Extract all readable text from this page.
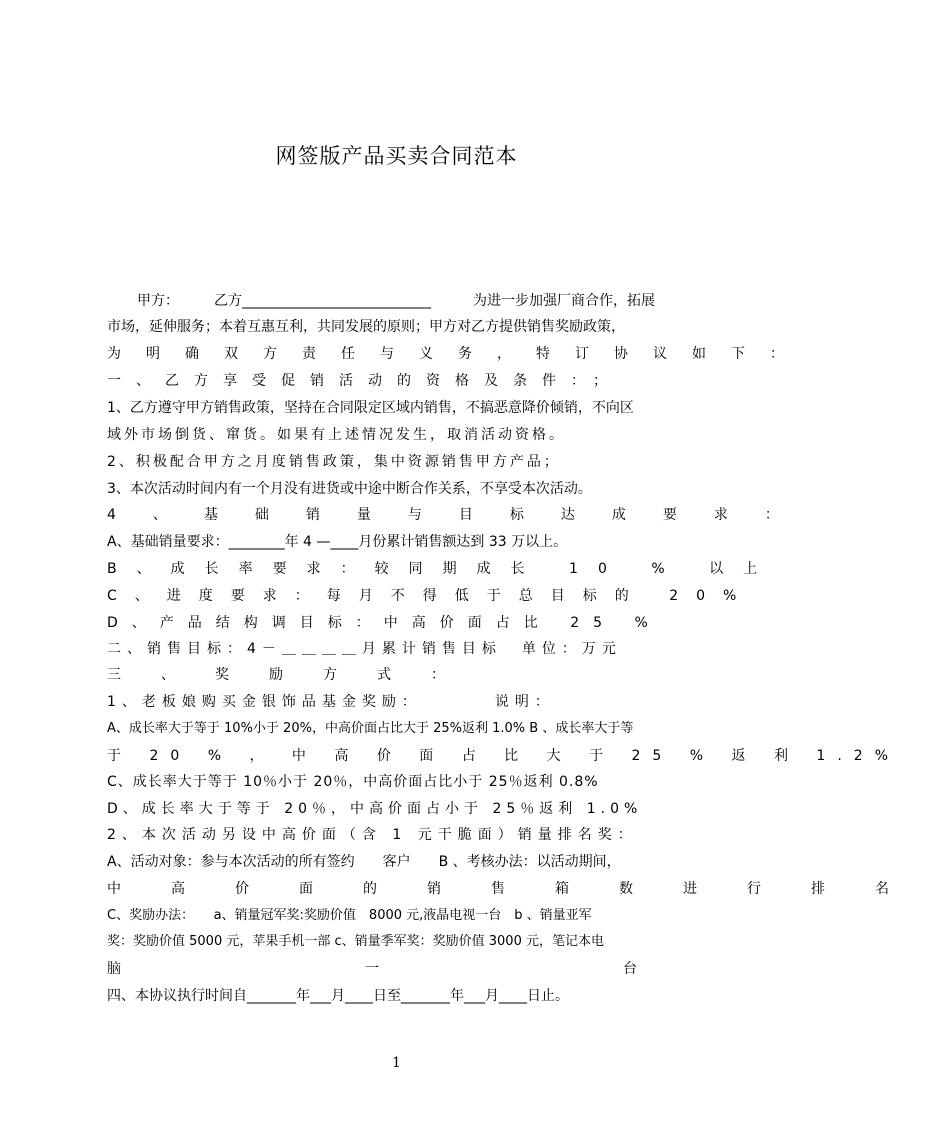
网签版产品买卖合同范本
甲方：　　　乙方___________________________　　　为进一步加强厂商合作，拓展
市场，延伸服务；本着互惠互利，共同发展的原则；甲方对乙方提供销售奖励政策，
为明确双方责任与义务，特订协议如下：
一、乙方享受促销活动的资格及条件：；
1、乙方遵守甲方销售政策，坚持在合同限定区域内销售，不搞恶意降价倾销，不向区
域外市场倒货、窜货。如果有上述情况发生，取消活动资格。
2、积极配合甲方之月度销售政策，集中资源销售甲方产品；
3、本次活动时间内有一个月没有进货或中途中断合作关系，不享受本次活动。
4、基础销量与目标达成要求：
A、基础销量要求：________年 4 —____月份累计销售额达到 33 万以上。
B、成长率要求：较同期成长 10 % 以上
C、进度要求：每月不得低于总目标的 20%
D、产品结构调目标：中高价面占比 25 %
二、销售目标：4－＿＿＿＿月累计销售目标　单位：万元
三、奖励方式：
1、老板娘购买金银饰品基金奖励：　　　　说明：
A、成长率大于等于 10%小于 20%，中高价面占比大于 25%返利 1.0% B 、成长率大于等
于 20 % ， 中 高 价 面 占 比 大 于 25 % 返 利 1.2%
C、成长率大于等于 10％小于 20％，中高价面占比小于 25％返利 0.8%
D、成长率大于等于 20％，中高价面占小于 25％返利 1.0%
2、本次活动另设中高价面（含 1 元干脆面）销量排名奖：
A、活动对象：参与本次活动的所有签约　　客户　　B 、考核办法：以活动期间，
中高价面的销售箱数进行排名
C、奖励办法：　　a、销量冠军奖:奖励价值　8000 元,液晶电视一台　b 、销量亚军
奖：奖励价值 5000 元，苹果手机一部 c、销量季军奖：奖励价值 3000 元，笔记本电
脑　一　台
四、本协议执行时间自_______年___月____日至_______年___月____日止。
1
